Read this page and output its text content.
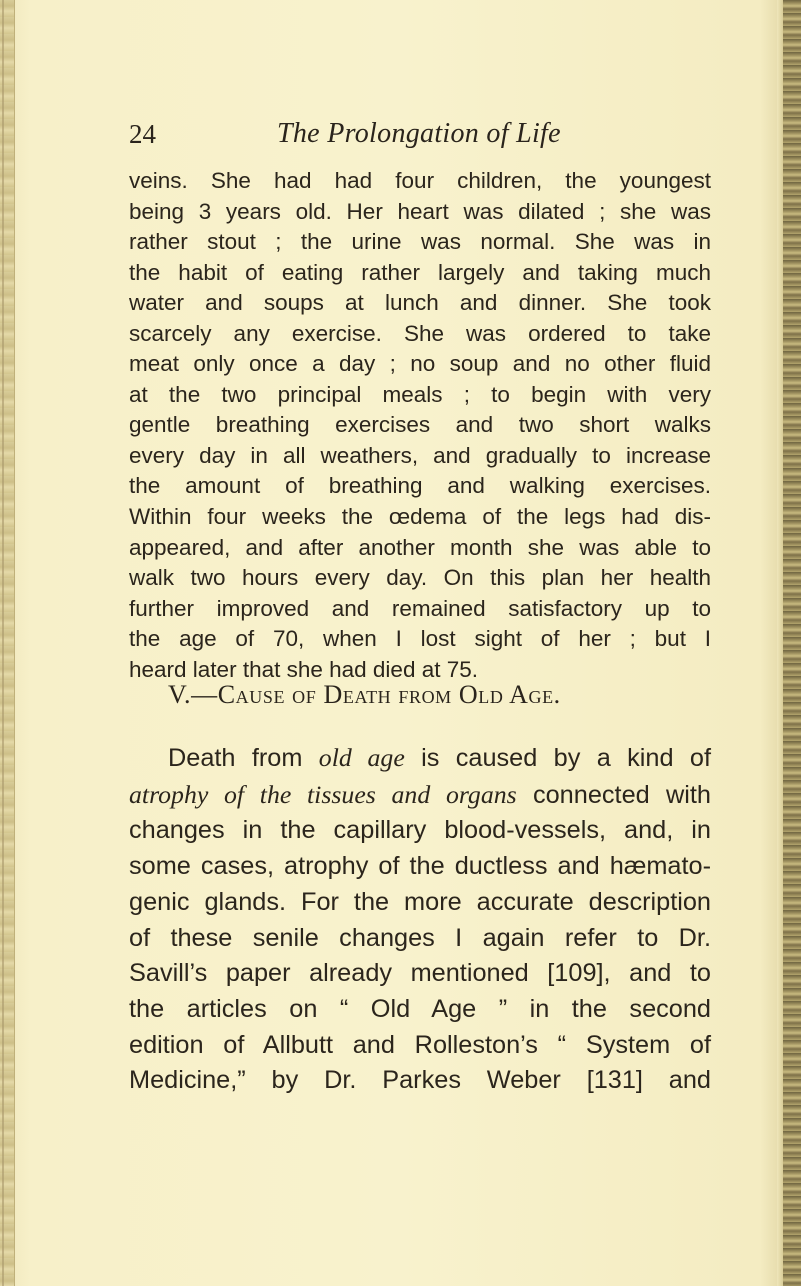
24	The Prolongation of Life
veins. She had had four children, the youngest
being 3 years old. Her heart was dilated ; she was
rather stout ; the urine was normal. She was in
the habit of eating rather largely and taking much
water and soups at lunch and dinner. She took
scarcely any exercise. She was ordered to take
meat only once a day ; no soup and no other fluid
at the two principal meals ; to begin with very
gentle breathing exercises and two short walks
every day in all weathers, and gradually to increase
the amount of breathing and walking exercises.
Within four weeks the œdema of the legs had dis-
appeared, and after another month she was able to
walk two hours every day. On this plan her health
further improved and remained satisfactory up to
the age of 70, when I lost sight of her ; but I
heard later that she had died at 75.
V.—Cause of Death from Old Age.
Death from old age is caused by a kind of
atrophy of the tissues and organs connected with
changes in the capillary blood-vessels, and, in
some cases, atrophy of the ductless and hæmato-
genic glands. For the more accurate description
of these senile changes I again refer to Dr.
Savill’s paper already mentioned [109], and to
the articles on “ Old Age ” in the second
edition of Allbutt and Rolleston’s “ System of
Medicine,” by Dr. Parkes Weber [131] and
